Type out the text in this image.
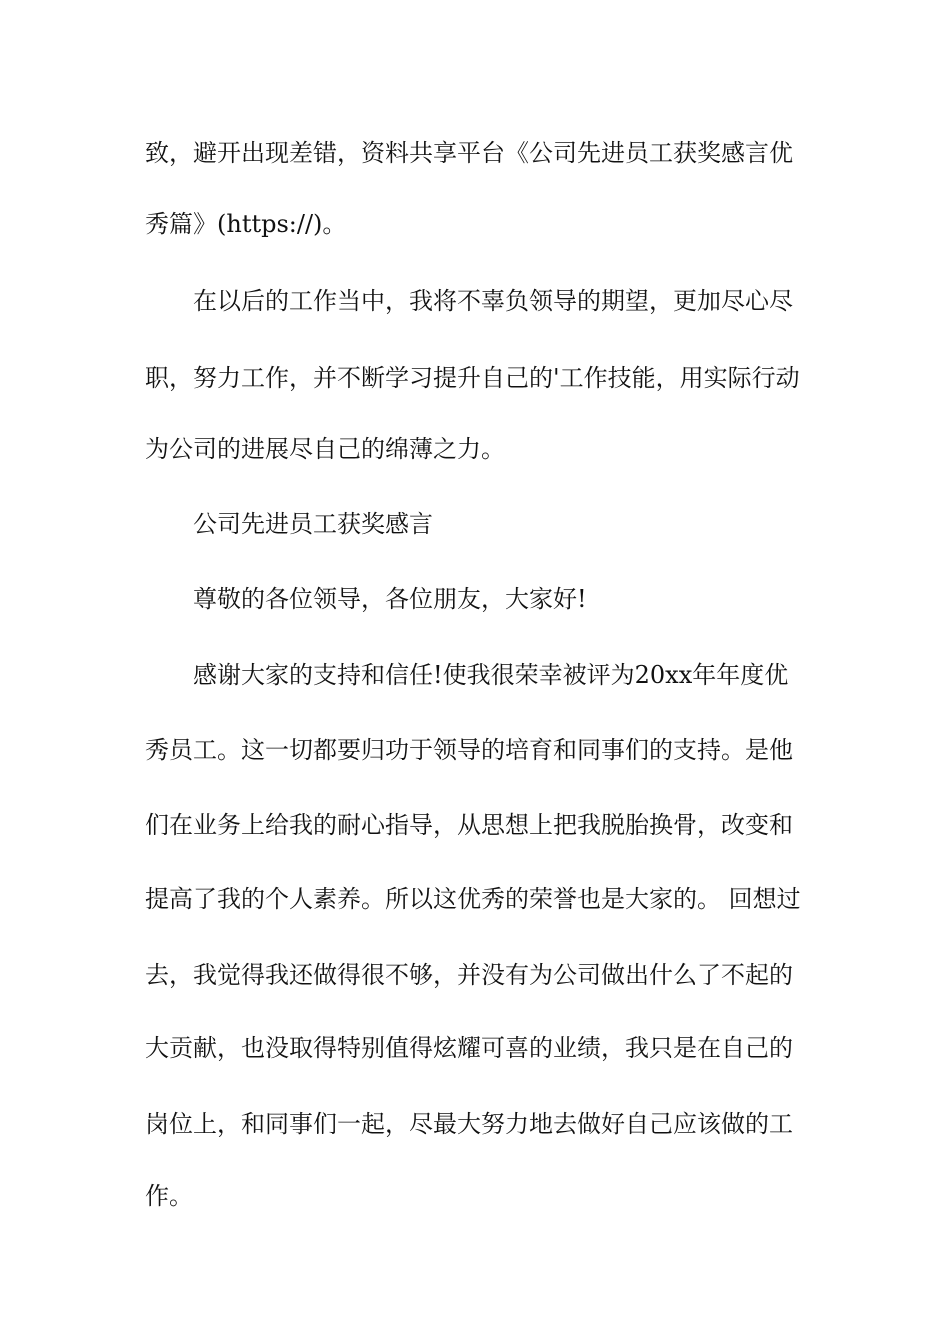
致，避开出现差错，资料共享平台《公司先进员工获奖感言优
秀篇》(https://)。
在以后的工作当中，我将不辜负领导的期望，更加尽心尽
职，努力工作，并不断学习提升自己的'工作技能，用实际行动
为公司的进展尽自己的绵薄之力。
公司先进员工获奖感言
尊敬的各位领导，各位朋友，大家好!
感谢大家的支持和信任!使我很荣幸被评为20xx年年度优
秀员工。这一切都要归功于领导的培育和同事们的支持。是他
们在业务上给我的耐心指导，从思想上把我脱胎换骨，改变和
提高了我的个人素养。所以这优秀的荣誉也是大家的。 回想过
去，我觉得我还做得很不够，并没有为公司做出什么了不起的
大贡献，也没取得特别值得炫耀可喜的业绩，我只是在自己的
岗位上，和同事们一起，尽最大努力地去做好自己应该做的工
作。
